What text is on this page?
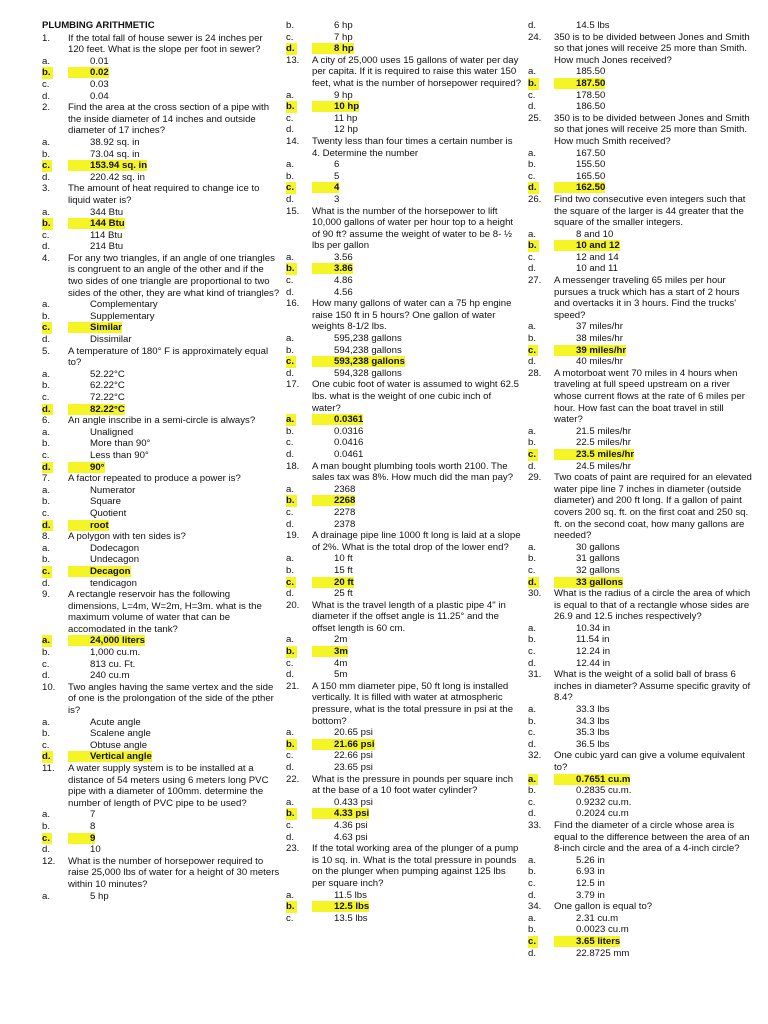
PLUMBING ARITHMETIC
1.	If the total fall of house sewer is 24 inches per 120 feet. What is the slope per foot in sewer?
a.	0.01
b.	0.02
c.	0.03
d.	0.04
2.	Find the area at the cross section of a pipe with the inside diameter of 14 inches and outside diameter of 17 inches?
a.	38.92 sq. in
b.	73.04 sq. in
c.	153.94 sq. in
d.	220.42 sq. in
3.	The amount of heat required to change ice to liquid water is?
a.	344 Btu
b.	144 Btu
c.	114 Btu
d.	214 Btu
4.	For any two triangles, if an angle of one triangles is congruent to an angle of the other and if the two sides of one triangle are proportional to two sides of the other, they are what kind of triangles?
a.	Complementary
b.	Supplementary
c.	Similar
d.	Dissimilar
5.	A temperature of 180° F is approximately equal to?
a.	52.22°C
b.	62.22°C
c.	72.22°C
d.	82.22°C
6.	An angle inscribe in a semi-circle is always?
a.	Unaligned
b.	More than 90°
c.	Less than 90°
d.	90°
7.	A factor repeated to produce a power is?
a.	Numerator
b.	Square
c.	Quotient
d.	root
8.	A polygon with ten sides is?
a.	Dodecagon
b.	Undecagon
c.	Decagon
d.	tendicagon
9.	A rectangle reservoir has the following dimensions, L=4m, W=2m, H=3m. what is the maximum volume of water that can be accomodated in the tank?
a.	24,000 liters
b.	1,000 cu.m.
c.	813 cu. Ft.
d.	240 cu.m
10.	Two angles having the same vertex and the side of one is the prolongation of the side of the pther is?
a.	Acute angle
b.	Scalene angle
c.	Obtuse angle
d.	Vertical angle
11.	A water supply system is to be installed at a distance of 54 meters using 6 meters long PVC pipe with a diameter of 100mm. determine the number of length of PVC pipe to be used?
a.	7
b.	8
c.	9
d.	10
12.	What is the number of horsepower required to raise 25,000 lbs of water for a height of 30 meters within 10 minutes?
a.	5 hp
b.	6 hp
c.	7 hp
d.	8 hp
13.	A city of 25,000 uses 15 gallons of water per day per capita. If it is required to raise this water 150 feet, what is the number of horsepower required?
a.	9 hp
b.	10 hp
c.	11 hp
d.	12 hp
14.	Twenty less than four times a certain number is 4. Determine the number
a.	6
b.	5
c.	4
d.	3
15.	What is the number of the horsepower to lift 10,000 gallons of water per hour top to a height of 90 ft? assume the weight of water to be 8- ½ lbs per gallon
a.	3.56
b.	3.86
c.	4.86
d.	4.56
16.	How many gallons of water can a 75 hp engine raise 150 ft in 5 hours? One gallon of water weights 8-1/2 lbs.
a.	595,238 gallons
b.	594,238 gallons
c.	593,238 gallons
d.	594,328 gallons
17.	One cubic foot of water is assumed to wight 62.5 lbs. what is the weight of one cubic inch of water?
a.	0.0361
b.	0.0316
c.	0.0416
d.	0.0461
18.	A man bought plumbing tools worth 2100. The sales tax was 8%. How much did the man pay?
a.	2368
b.	2268
c.	2278
d.	2378
19.	A drainage pipe line 1000 ft long is laid at a slope of 2%. What is the total drop of the lower end?
a.	10 ft
b.	15 ft
c.	20 ft
d.	25 ft
20.	What is the travel length of a plastic pipe 4" in diameter if the offset angle is 11.25° and the offset length is 60 cm.
a.	2m
b.	3m
c.	4m
d.	5m
21.	A 150 mm diameter pipe, 50 ft long is installed vertically. It is filled with water at atmospheric pressure, what is the total pressure in psi at the bottom?
a.	20.65 psi
b.	21.66 psi
c.	22.66 psi
d.	23.65 psi
22.	What is the pressure in pounds per square inch at the base of a 10 foot water cylinder?
a.	0.433 psi
b.	4.33 psi
c.	4.36 psi
d.	4.63 psi
23.	If the total working area of the plunger of a pump is 10 sq. in. What is the total pressure in pounds on the plunger when pumping against 125 lbs per square inch?
a.	11.5 lbs
b.	12.5 lbs
c.	13.5 lbs
d.	14.5 lbs
24.	350 is to be divided between Jones and Smith so that jones will receive 25 more than Smith. How much Jones received?
a.	185.50
b.	187.50
c.	178.50
d.	186.50
25.	350 is to be divided between Jones and Smith so that jones will receive 25 more than Smith. How much Smith received?
a.	167.50
b.	155.50
c.	165.50
d.	162.50
26.	Find two consecutive even integers such that the square of the larger is 44 greater that the square of the smaller integers.
a.	8 and 10
b.	10 and 12
c.	12 and 14
d.	10 and 11
27.	A messenger traveling 65 miles per hour pursues a truck which has a start of 2 hours and overtacks it in 3 hours. Find the trucks' speed?
a.	37 miles/hr
b.	38 miles/hr
c.	39 miles/hr
d.	40 miles/hr
28.	A motorboat went 70 miles in 4 hours when traveling at full speed upstream on a river whose current flows at the rate of 6 miles per hour. How fast can the boat travel in still water?
a.	21.5 miles/hr
b.	22.5 miles/hr
c.	23.5 miles/hr
d.	24.5 miles/hr
29.	Two coats of paint are required for an elevated water pipe line 7 inches in diameter (outside diameter) and 200 ft long. If a gallon of paint covers 200 sq. ft. on the first coat and 250 sq. ft. on the second coat, how many gallons are needed?
a.	30 gallons
b.	31 gallons
c.	32 gallons
d.	33 gallons
30.	What is the radius of a circle the area of which is equal to that of a rectangle whose sides are 26.9 and 12.5 inches respectively?
a.	10.34 in
b.	11.54 in
c.	12.24 in
d.	12.44 in
31.	What is the weight of a solid ball of brass 6 inches in diameter? Assume specific gravity of 8.4?
a.	33.3 lbs
b.	34.3 lbs
c.	35.3 lbs
d.	36.5 lbs
32.	One cubic yard can give a volume equivalent to?
a.	0.7651 cu.m
b.	0.2835 cu.m.
c.	0.9232 cu.m.
d.	0.2024 cu.m
33.	Find the diameter of a circle whose area is equal to the difference between the area of an 8-inch circle and the area of a 4-inch circle?
a.	5.26 in
b.	6.93 in
c.	12.5 in
d.	3.79 in
34.	One gallon is equal to?
a.	2.31 cu.m
b.	0.0023 cu.m
c.	3.65 liters
d.	22.8725 mm
